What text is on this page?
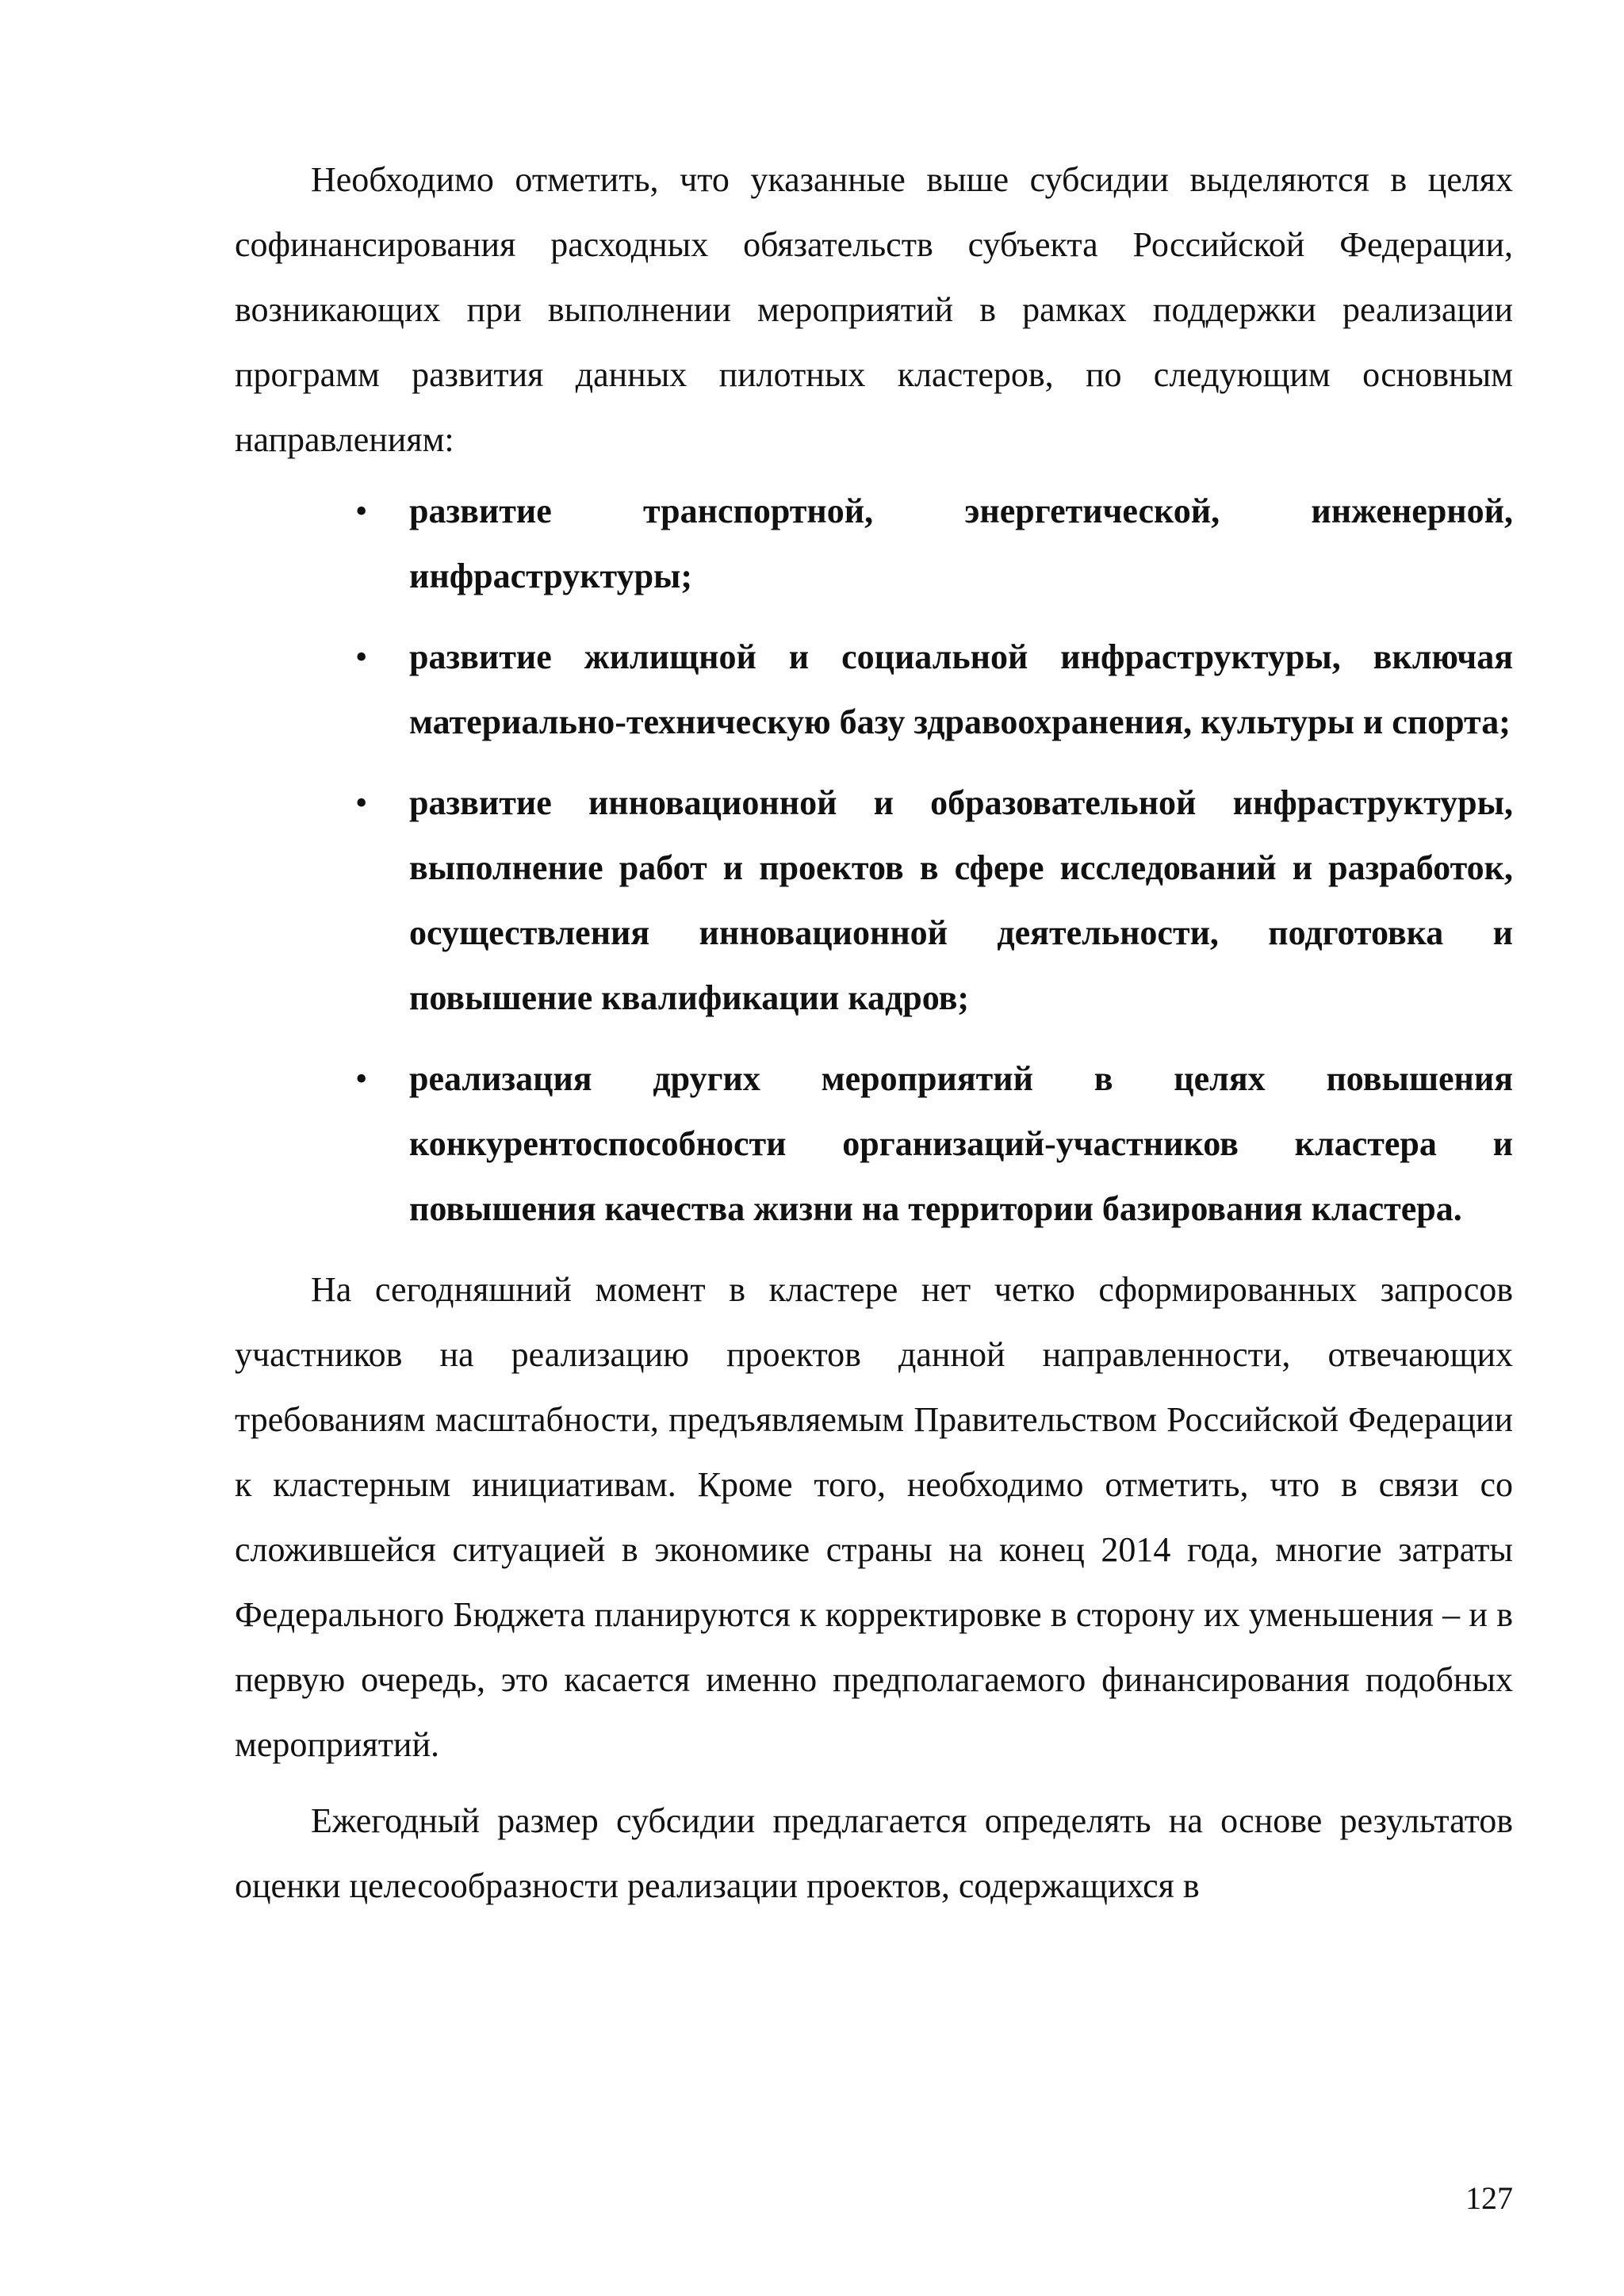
Необходимо отметить, что указанные выше субсидии выделяются в целях софинансирования расходных обязательств субъекта Российской Федерации, возникающих при выполнении мероприятий в рамках поддержки реализации программ развития данных пилотных кластеров, по следующим основным направлениям:

• развитие транспортной, энергетической, инженерной, инфраструктуры;
• развитие жилищной и социальной инфраструктуры, включая материально-техническую базу здравоохранения, культуры и спорта;
• развитие инновационной и образовательной инфраструктуры, выполнение работ и проектов в сфере исследований и разработок, осуществления инновационной деятельности, подготовка и повышение квалификации кадров;
• реализация других мероприятий в целях повышения конкурентоспособности организаций-участников кластера и повышения качества жизни на территории базирования кластера.

На сегодняшний момент в кластере нет четко сформированных запросов участников на реализацию проектов данной направленности, отвечающих требованиям масштабности, предъявляемым Правительством Российской Федерации к кластерным инициативам. Кроме того, необходимо отметить, что в связи со сложившейся ситуацией в экономике страны на конец 2014 года, многие затраты Федерального Бюджета планируются к корректировке в сторону их уменьшения – и в первую очередь, это касается именно предполагаемого финансирования подобных мероприятий.

Ежегодный размер субсидии предлагается определять на основе результатов оценки целесообразности реализации проектов, содержащихся в

127
